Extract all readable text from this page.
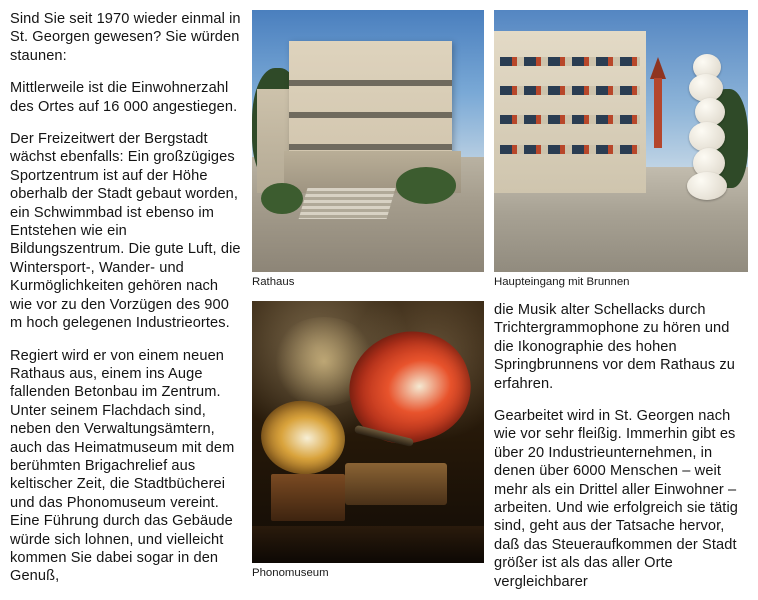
Sind Sie seit 1970 wieder einmal in St. Georgen gewesen? Sie würden staunen:

Mittlerweile ist die Einwohnerzahl des Ortes auf 16 000 angestiegen.

Der Freizeitwert der Bergstadt wächst ebenfalls: Ein großzügiges Sportzentrum ist auf der Höhe oberhalb der Stadt gebaut worden, ein Schwimmbad ist ebenso im Entstehen wie ein Bildungszentrum. Die gute Luft, die Wintersport-, Wander- und Kurmöglichkeiten gehören nach wie vor zu den Vorzügen des 900 m hoch gelegenen Industrieortes.

Regiert wird er von einem neuen Rathaus aus, einem ins Auge fallenden Betonbau im Zentrum. Unter seinem Flachdach sind, neben den Verwaltungsämtern, auch das Heimatmuseum mit dem berühmten Brigachrelief aus keltischer Zeit, die Stadtbücherei und das Phonomuseum vereint. Eine Führung durch das Gebäude würde sich lohnen, und vielleicht kommen Sie dabei sogar in den Genuß,

Rathaus
Phonomuseum
Haupteingang mit Brunnen

die Musik alter Schellacks durch Trichtergrammophone zu hören und die Ikonographie des hohen Springbrunnens vor dem Rathaus zu erfahren.

Gearbeitet wird in St. Georgen nach wie vor sehr fleißig. Immerhin gibt es über 20 Industrieunternehmen, in denen über 6000 Menschen – weit mehr als ein Drittel aller Einwohner – arbeiten. Und wie erfolgreich sie tätig sind, geht aus der Tatsache hervor, daß das Steueraufkommen der Stadt größer ist als das aller Orte vergleichbarer
